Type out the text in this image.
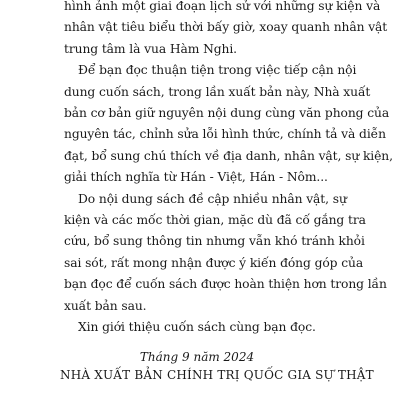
hình ảnh một giai đoạn lịch sử với những sự kiện và
nhân vật tiêu biểu thời bấy giờ, xoay quanh nhân vật
trung tâm là vua Hàm Nghi.
Để bạn đọc thuận tiện trong việc tiếp cận nội
dung cuốn sách, trong lần xuất bản này, Nhà xuất
bản cơ bản giữ nguyên nội dung cùng văn phong của
nguyên tác, chỉnh sửa lỗi hình thức, chính tả và diễn
đạt, bổ sung chú thích về địa danh, nhân vật, sự kiện,
giải thích nghĩa từ Hán - Việt, Hán - Nôm...
Do nội dung sách đề cập nhiều nhân vật, sự
kiện và các mốc thời gian, mặc dù đã cố gắng tra
cứu, bổ sung thông tin nhưng vẫn khó tránh khỏi
sai sót, rất mong nhận được ý kiến đóng góp của
bạn đọc để cuốn sách được hoàn thiện hơn trong lần
xuất bản sau.
Xin giới thiệu cuốn sách cùng bạn đọc.
Tháng 9 năm 2024
NHÀ XUẤT BẢN CHÍNH TRỊ QUỐC GIA SỰ THẬT
